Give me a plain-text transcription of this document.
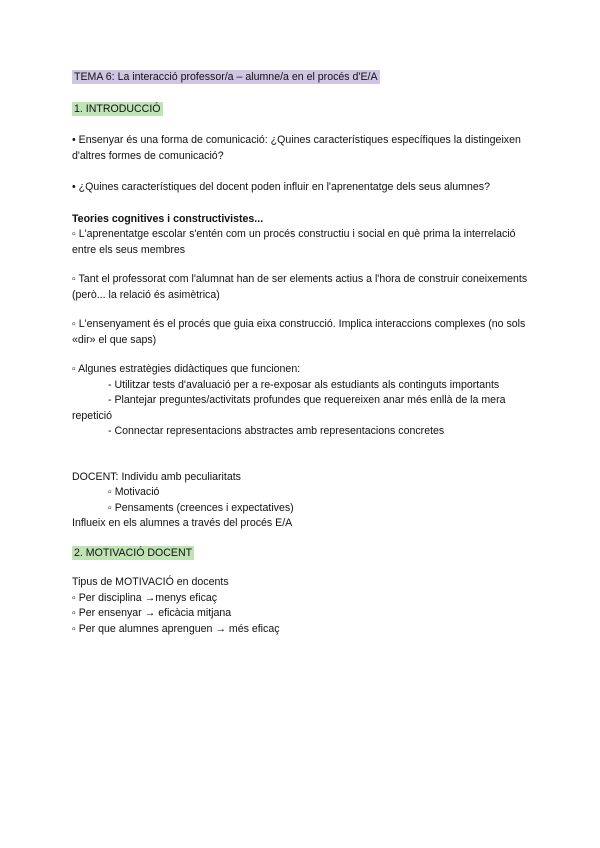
TEMA 6: La interacció professor/a – alumne/a en el procés d'E/A

1. INTRODUCCIÓ

• Ensenyar és una forma de comunicació: ¿Quines característiques específiques la distingeixen d'altres formes de comunicació?

• ¿Quines característiques del docent poden influir en l'aprenentatge dels seus alumnes?

Teories cognitives i constructivistes...

▫ L'aprenentatge escolar s'entén com un procés constructiu i social en què prima la interrelació entre els seus membres

▫ Tant el professorat com l'alumnat han de ser elements actius a l'hora de construir coneixements (però... la relació és asimètrica)

▫ L'ensenyament és el procés que guia eixa construcció. Implica interaccions complexes (no sols «dir» el que saps)

▫ Algunes estratègies didàctiques que funcionen:

- Utilitzar tests d'avaluació per a re-exposar als estudiants als continguts importants

- Plantejar preguntes/activitats profundes que requereixen anar més enllà de la mera repetició

- Connectar representacions abstractes amb representacions concretes

DOCENT: Individu amb peculiaritats

▫ Motivació

▫ Pensaments (creences i expectatives)

Influeix en els alumnes a través del procés E/A

2. MOTIVACIÓ DOCENT

Tipus de MOTIVACIÓ en docents

▫ Per disciplina →menys eficaç

▫ Per ensenyar → eficàcia mitjana

▫ Per que alumnes aprenguen → més eficaç
